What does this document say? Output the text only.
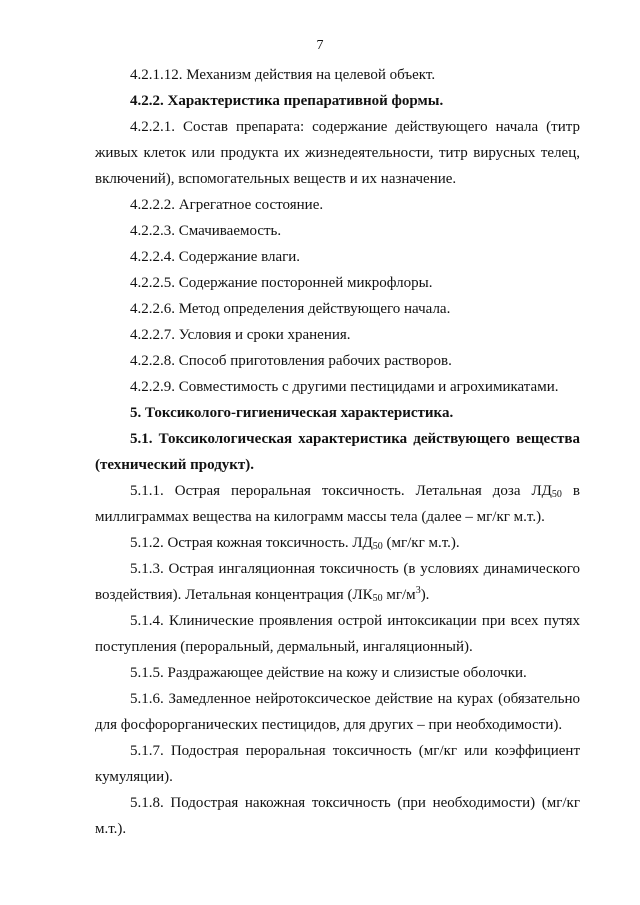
7

4.2.1.12. Механизм действия на целевой объект.

4.2.2. Характеристика препаративной формы.

4.2.2.1. Состав препарата: содержание действующего начала (титр живых клеток или продукта их жизнедеятельности, титр вирусных телец, включений), вспомогательных веществ и их назначение.

4.2.2.2. Агрегатное состояние.

4.2.2.3. Смачиваемость.

4.2.2.4. Содержание влаги.

4.2.2.5. Содержание посторонней микрофлоры.

4.2.2.6. Метод определения действующего начала.

4.2.2.7. Условия и сроки хранения.

4.2.2.8. Способ приготовления рабочих растворов.

4.2.2.9. Совместимость с другими пестицидами и агрохимикатами.

5. Токсиколого-гигиеническая характеристика.

5.1. Токсикологическая характеристика действующего вещества (технический продукт).

5.1.1. Острая пероральная токсичность. Летальная доза $ЛД_{50}$ в миллиграммах вещества на килограмм массы тела (далее – мг/кг м.т.).

5.1.2. Острая кожная токсичность. $ЛД_{50}$ (мг/кг м.т.).

5.1.3. Острая ингаляционная токсичность (в условиях динамического воздействия). Летальная концентрация ($ЛК_{50}$ $мг/м^3$).

5.1.4. Клинические проявления острой интоксикации при всех путях поступления (пероральный, дермальный, ингаляционный).

5.1.5. Раздражающее действие на кожу и слизистые оболочки.

5.1.6. Замедленное нейротоксическое действие на курах (обязательно для фосфорорганических пестицидов, для других – при необходимости).

5.1.7. Подострая пероральная токсичность (мг/кг или коэффициент кумуляции).

5.1.8. Подострая накожная токсичность (при необходимости) (мг/кг м.т.).
